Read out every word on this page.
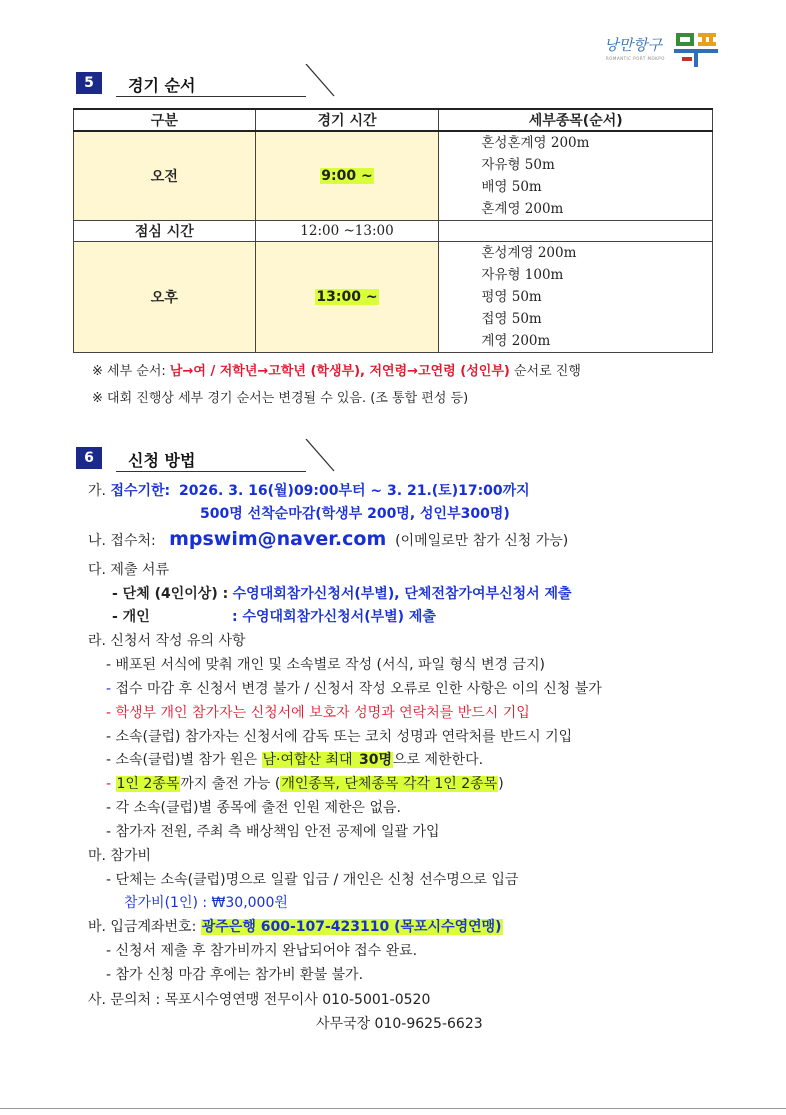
낭만항구
ROMANTIC PORT MOKPO
5	경기 순서
구분	경기 시간	세부종목(순서)
오전	9:00 ~	혼성혼계영 200m
자유형 50m
배영 50m
혼계영 200m

점심 시간	12:00 ~13:00	
오후	13:00 ~	혼성계영 200m
자유형 100m
평영 50m
접영 50m
계영 200m
※ 세부 순서: 남→여 / 저학년→고학년 (학생부), 저연령→고연령 (성인부) 순서로 진행
※ 대회 진행상 세부 경기 순서는 변경될 수 있음. (조 통합 편성 등)
6	신청 방법
가. 접수기한: 2026. 3. 16(월)09:00부터 ~ 3. 21.(토)17:00까지
500명 선착순마감(학생부 200명, 성인부300명)
나. 접수처: mpswim@naver.com (이메일로만 참가 신청 가능)
다. 제출 서류
- 단체 (4인이상) : 수영대회참가신청서(부별), 단체전참가여부신청서 제출
- 개인	: 수영대회참가신청서(부별) 제출
라. 신청서 작성 유의 사항
- 배포된 서식에 맞춰 개인 및 소속별로 작성 (서식, 파일 형식 변경 금지)
- 접수 마감 후 신청서 변경 불가 / 신청서 작성 오류로 인한 사항은 이의 신청 불가
- 학생부 개인 참가자는 신청서에 보호자 성명과 연락처를 반드시 기입
- 소속(클럽) 참가자는 신청서에 감독 또는 코치 성명과 연락처를 반드시 기입
- 소속(클럽)별 참가 원은 남·여합산 최대 30명으로 제한한다.
- 1인 2종목까지 출전 가능 (개인종목, 단체종목 각각 1인 2종목)
- 각 소속(클럽)별 종목에 출전 인원 제한은 없음.
- 참가자 전원, 주최 측 배상책임 안전 공제에 일괄 가입
마. 참가비
- 단체는 소속(클럽)명으로 일괄 입금 / 개인은 신청 선수명으로 입금
참가비(1인) : ₩30,000원
바. 입금계좌번호: 광주은행 600-107-423110 (목포시수영연맹)
- 신청서 제출 후 참가비까지 완납되어야 접수 완료.
- 참가 신청 마감 후에는 참가비 환불 불가.
사. 문의처 : 목포시수영연맹 전무이사 010-5001-0520
사무국장 010-9625-6623
